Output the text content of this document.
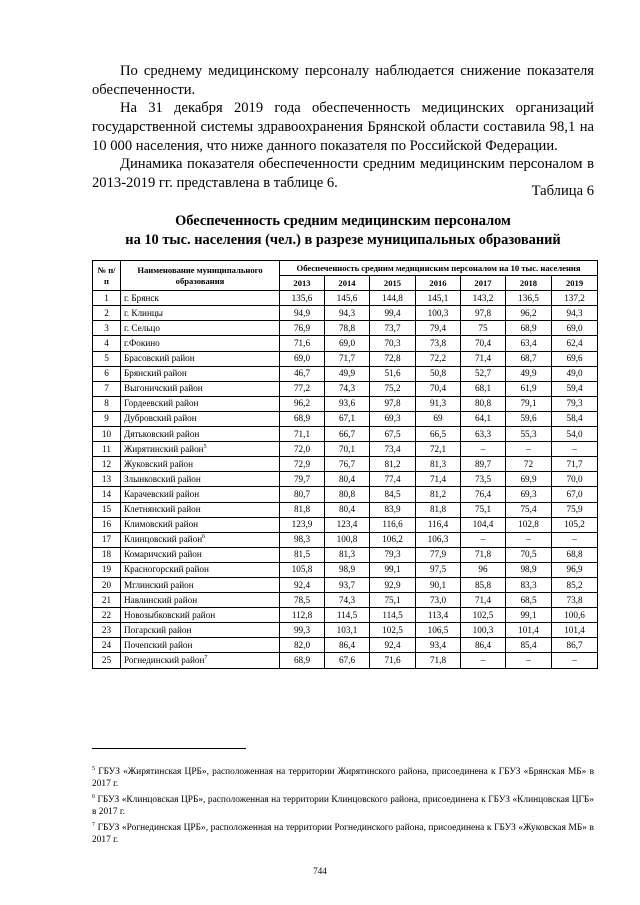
По среднему медицинскому персоналу наблюдается снижение показателя обеспеченности.

На 31 декабря 2019 года обеспеченность медицинских организаций государственной системы здравоохранения Брянской области составила 98,1 на 10 000 населения, что ниже данного показателя по Российской Федерации.

Динамика показателя обеспеченности средним медицинским персоналом в 2013-2019 гг. представлена в таблице 6.	Таблица 6
Обеспеченность средним медицинским персоналом
на 10 тыс. населения (чел.) в разрезе муниципальных образований
№ п/п	Наименование муниципального образования	Обеспеченность средним медицинским персоналом на 10 тыс. населения						
		2013	2014	2015	2016	2017	2018	2019
1	г. Брянск	135,6	145,6	144,8	145,1	143,2	136,5	137,2
2	г. Клинцы	94,9	94,3	99,4	100,3	97,8	96,2	94,3
3	г. Сельцо	76,9	78,8	73,7	79,4	75	68,9	69,0
4	г.Фокино	71,6	69,0	70,3	73,8	70,4	63,4	62,4
5	Брасовский район	69,0	71,7	72,8	72,2	71,4	68,7	69,6
6	Брянский район	46,7	49,9	51,6	50,8	52,7	49,9	49,0
7	Выгоничский район	77,2	74,3	75,2	70,4	68,1	61,9	59,4
8	Гордеевский район	96,2	93,6	97,8	91,3	80,8	79,1	79,3
9	Дубровский район	68,9	67,1	69,3	69	64,1	59,6	58,4
10	Дятьковский район	71,1	66,7	67,5	66,5	63,3	55,3	54,0
11	Жирятинский район$^5$	72,0	70,1	73,4	72,1	–	–	–
12	Жуковский район	72,9	76,7	81,2	81,3	89,7	72	71,7
13	Злынковский район	79,7	80,4	77,4	71,4	73,5	69,9	70,0
14	Карачевский район	80,7	80,8	84,5	81,2	76,4	69,3	67,0
15	Клетнянский район	81,8	80,4	83,9	81,8	75,1	75,4	75,9
16	Климовский район	123,9	123,4	116,6	116,4	104,4	102,8	105,2
17	Клинцовский район$^6$	98,3	100,8	106,2	106,3	–	–	–
18	Комаричский район	81,5	81,3	79,3	77,9	71,8	70,5	68,8
19	Красногорский район	105,8	98,9	99,1	97,5	96	98,9	96,9
20	Мглинский район	92,4	93,7	92,9	90,1	85,8	83,3	85,2
21	Навлинский район	78,5	74,3	75,1	73,0	71,4	68,5	73,8
22	Новозыбковский район	112,8	114,5	114,5	113,4	102,5	99,1	100,6
23	Погарский район	99,3	103,1	102,5	106,5	100,3	101,4	101,4
24	Почепский район	82,0	86,4	92,4	93,4	86,4	85,4	86,7
25	Рогнединский район$^7$	68,9	67,6	71,6	71,8	–	–	–

$^5$ ГБУЗ «Жирятинская ЦРБ», расположенная на территории Жирятинского района, присоединена к ГБУЗ «Брянская МБ» в 2017 г.

$^6$ ГБУЗ «Клинцовская ЦРБ», расположенная на территории Клинцовского района, присоединена к ГБУЗ «Клинцовская ЦГБ» в 2017 г.

$^7$ ГБУЗ «Рогнединская ЦРБ», расположенная на территории Рогнединского района, присоединена к ГБУЗ «Жуковская МБ» в 2017 г.

744
